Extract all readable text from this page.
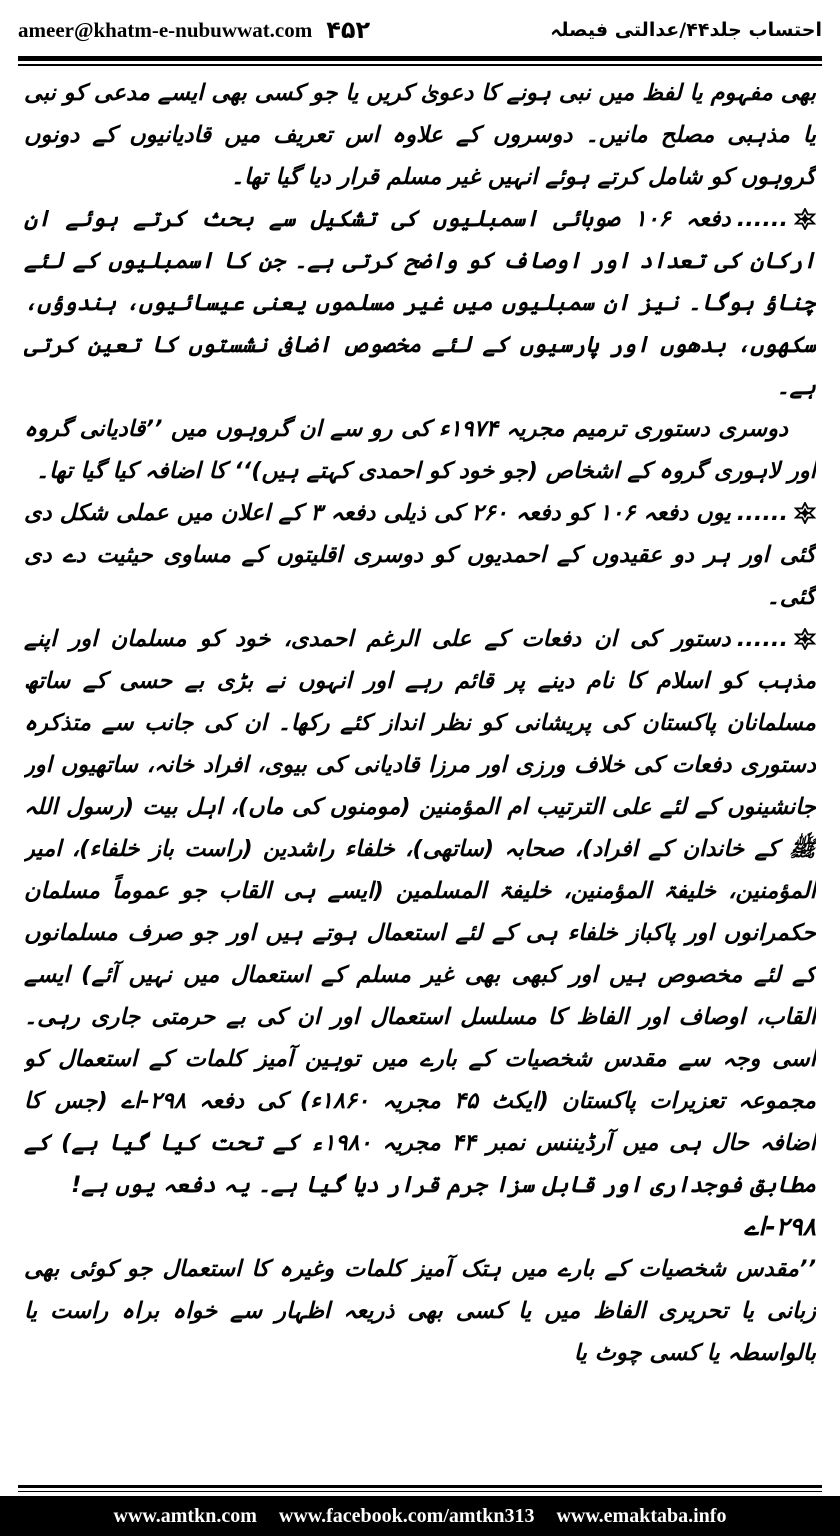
ameer@khatm-e-nubuwwat.com ۴۵۲	احتساب جلد۴۴/عدالتی فیصلہ

بھی مفہوم یا لفظ میں نبی ہونے کا دعویٰ کریں یا جو کسی بھی ایسے مدعی کو نبی یا مذہبی مصلح مانیں۔ دوسروں کے علاوہ اس تعریف میں قادیانیوں کے دونوں گروہوں کو شامل کرتے ہوئے انہیں غیر مسلم قرار دیا گیا تھا۔

......دفعہ ۱۰۶ صوبائی اسمبلیوں کی تشکیل سے بحث کرتے ہوئے ان ارکان کی تعداد اور اوصاف کو واضح کرتی ہے۔ جن کا اسمبلیوں کے لئے چناؤ ہوگا۔ نیز ان سمبلیوں میں غیر مسلموں یعنی عیسائیوں، ہندوؤں، سکھوں، بدھوں اور پارسیوں کے لئے مخصوص اضافی نشستوں کا تعین کرتی ہے۔

دوسری دستوری ترمیم مجریہ ۱۹۷۴ء کی رو سے ان گروہوں میں ’’قادیانی گروہ اور لاہوری گروہ کے اشخاص (جو خود کو احمدی کہتے ہیں)‘‘ کا اضافہ کیا گیا تھا۔

......یوں دفعہ ۱۰۶ کو دفعہ ۲۶۰ کی ذیلی دفعہ ۳ کے اعلان میں عملی شکل دی گئی اور ہر دو عقیدوں کے احمدیوں کو دوسری اقلیتوں کے مساوی حیثیت دے دی گئی۔

......دستور کی ان دفعات کے علی الرغم احمدی، خود کو مسلمان اور اپنے مذہب کو اسلام کا نام دینے پر قائم رہے اور انہوں نے بڑی بے حسی کے ساتھ مسلمانان پاکستان کی پریشانی کو نظر انداز کئے رکھا۔ ان کی جانب سے متذکرہ دستوری دفعات کی خلاف ورزی اور مرزا قادیانی کی بیوی، افراد خانہ، ساتھیوں اور جانشینوں کے لئے علی الترتیب ام المؤمنین (مومنوں کی ماں)، اہل بیت (رسول اللہ ﷺ کے خاندان کے افراد)، صحابہ (ساتھی)، خلفاء راشدین (راست باز خلفاء)، امیر المؤمنین، خلیفۃ المؤمنین، خلیفۃ المسلمین (ایسے ہی القاب جو عموماً مسلمان حکمرانوں اور پاکباز خلفاء ہی کے لئے استعمال ہوتے ہیں اور جو صرف مسلمانوں کے لئے مخصوص ہیں اور کبھی بھی غیر مسلم کے استعمال میں نہیں آئے) ایسے القاب، اوصاف اور الفاظ کا مسلسل استعمال اور ان کی بے حرمتی جاری رہی۔ اسی وجہ سے مقدس شخصیات کے بارے میں توہین آمیز کلمات کے استعمال کو مجموعہ تعزیرات پاکستان (ایکٹ ۴۵ مجریہ ۱۸۶۰ء) کی دفعہ ۲۹۸-اے (جس کا اضافہ حال ہی میں آرڈیننس نمبر ۴۴ مجریہ ۱۹۸۰ء کے تحت کیا گیا ہے) کے مطابق فوجداری اور قابل سزا جرم قرار دیا گیا ہے۔ یہ دفعہ یوں ہے!

۲۹۸-اے

’’مقدس شخصیات کے بارے میں ہتک آمیز کلمات وغیرہ کا استعمال جو کوئی بھی زبانی یا تحریری الفاظ میں یا کسی بھی ذریعہ اظہار سے خواہ براہ راست یا بالواسطہ یا کسی چوٹ یا

www.amtkn.com www.facebook.com/amtkn313 www.emaktaba.info
